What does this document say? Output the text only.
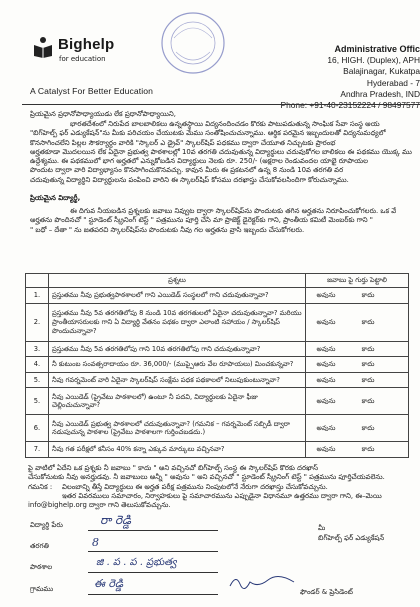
Bighelp
for education
A Catalyst For Better Education
Administrative Offic
16, HIGH. (Duplex), APH
Balajinagar, Kukatpa
Hyderabad - 7
Andhra Pradesh, IND
Phone: +91-40-23152224 / 98497577
ప్రియమైన ప్రధానోపాధ్యాయుడు లేక ప్రధానోపాధ్యాయిని,
భారతదేశంలో నిరుపేద బాలబాలికలు ఉన్నతస్థాయి విద్యనందించడం కొరకు పాటుపడుతున్న సాంఘిక సేవా సంస్థ అయ
"బిగ్‌హెల్ప్ ఫర్ ఎడ్యుకేషన్"ను మీకు పరిచయం చేయుటకు మేము సంతోషించుచున్నాము. ఆర్థిక పరమైన ఇబ్బందులతో విద్యనుమధ్యలో
కొనసాగించలేని పిల్లల సౌకర్యార్థం వారికి "స్కాలర్ ఎ డ్రైవ్" స్కాలర్‌షిప్ పధకము ద్వారా చేయూత నిచ్చుటకు ప్రారంభ
అర్హతకూడా మొదలయిన లేక ఏదైనా ప్రభుత్వ పాఠశాలల్లో 10వ తరగతి చదువుతున్న విద్యార్థులు చదువుకోగల బాలికలు ఈ పథకము యొక్క ము
ఉద్దేశ్యము. ఈ పథకములో భాగ అర్హతలో ఎన్నుకోబడిన విద్యార్థులు నెలకు రూ. 250/- (అక్షరాల రెండువందల యాభై రూపాయల
పొందుట ద్వారా వారి విద్యాభ్యాసం కొనసాగించుకొనవచ్చు. కావున మీరు ఈ ప్రకటనలో ఉన్న 8 నుండి 10వ తరగతి వర
చదువుతున్న విద్యార్థిని విద్యార్థులను పంపించి వారిని ఈ స్కాలర్‌షిప్ కోసము దరఖాస్తు చేసుకోవలసిందిగా కోరుచున్నాము.
ప్రియమైన విద్యార్థీ,
ఈ దిగువ నీయబడిన ప్రశ్నలకు జవాబు నివ్వుట ద్వారా స్కాలర్‌షిప్‌ను పొందుటకు తగిన అర్హతను నిరూపించుకోగలరు. ఒక వే
అర్హతను పొందినచో " స్టూడెంట్ స్క్రీనింగ్ టెస్ట్ " పత్రమును పూర్తి చేసి మా ప్రాజెక్ట్ డైరెక్టర్‌కు గాని, ప్రాంతీయ కమిటీ మెంబర్‌కు గాని "
" బధో – దేతా " ను జతపరచి స్కాలర్‌షిప్‌ను పొందుటకు నీవు గల అర్హతను వ్రాసి ఇబ్బందు చేసుకోగలరు.
	ప్రశ్నలు	జవాబు పై గుర్తు పెట్టాలి
1.	ప్రస్తుతము నీవు ప్రభుత్వపాఠశాలలో గాని ఎయిడెడ్ సంస్థలలో గాని చదువుతున్నావా?	అవును కాదు
2.	ప్రస్తుతము నీవు 5వ తరగతిలోపు 8 నుండి 10వ తరగతులలో ఏదైనా చదువుతున్నావా? మరియు ప్రాంతీయాసరులకు గాని ఏ విద్యార్థి వేతనం పథకం ద్వారా ఎలాంటి సహాయం / స్కాలర్‌షిప్ పొందుచున్నావా?	అవును కాదు
3.	ప్రస్తుతము నీవు 5వ తరగతిలోపు గాని 10వ తరగతిలోపు గాని చదువుతున్నావా?	అవును కాదు
4.	నీ కుటుంబ సంవత్సరాదాయం రూ. 36,000/- (ముప్పైఆరు వేల రూపాయలు) మించకున్నవా?	అవును కాదు
5.	నీవు గవర్నమెంట్ వారి ఏదైనా స్కాలర్‌షిప్ సంక్షేమ పధక పథకాలలో నిలుపుకుంటున్నావా?	అవును కాదు
5.	నీవు ఎయిడెడ్ (ప్రైవేటు పాఠశాలలో) ఉంటూ నీ పదవి, విద్యార్థులకు ఏదైనా ఫీజు చెల్లించుచున్నావా?	అవును కాదు
6.	నీవు ఎయిడెడ్ ప్రభుత్వ పాఠశాలలో చదువుతున్నావా? (గమనిక – గవర్నమెంట్ సబ్సిడీ ద్వారా నడుపుచున్న పాఠశాల (ప్రైవేటు పాఠశాలగా గుర్తించబడదు.)	అవును కాదు
7.	నీవు గత పరీక్షలో కనీసం 40% కన్నా ఎక్కువ మార్కులు వచ్చినవా?	అవును కాదు
పై వాటిలో ఏదేని ఒక ప్రశ్నకు నీ జవాబు " కాదు " అని వచ్చినచో బిగ్‌హెల్ప్ సంస్థ ఈ స్కాలర్‌షిప్ కొరకు దరఖాస్
చేసుకోనుటకు నీవు అనర్హుడవు. నీ జవాబులు అన్నీ " అవును " అని వచ్చినచో " స్టూడెంట్ స్క్రీనింగ్ టెస్ట్ " పత్రమును పూర్తిచేయవలెను.
గమనిక : విలంబాన్ని తీస్తే విద్యార్థులు ఈ అర్హత పరీక్ష పత్రమును నింపుటలోనే నేరుగా దరఖాస్తు చేసుకోవచ్చును.
ఇతర వివరములు సమాచారం, నిర్వాహకులు పై సమాచారమును ఎప్పుడైనా విధానమూ ఉత్తరము ద్వారా గాని, ఈ–మెయి
info@bighelp.org ద్వారా గాని తెలుసుకోవచ్చును.
విద్యార్థి పేరు	రా రెడ్డి
తరగతి	8
పాఠశాల	జి . ప . ప . ప్రభుత్వ
గ్రామము	ఈ రెడ్డి
మీ
బిగ్‌హెల్ప్ ఫర్ ఎడ్యుకేషన్
ఫౌండర్ & ప్రెసిడెంట్
